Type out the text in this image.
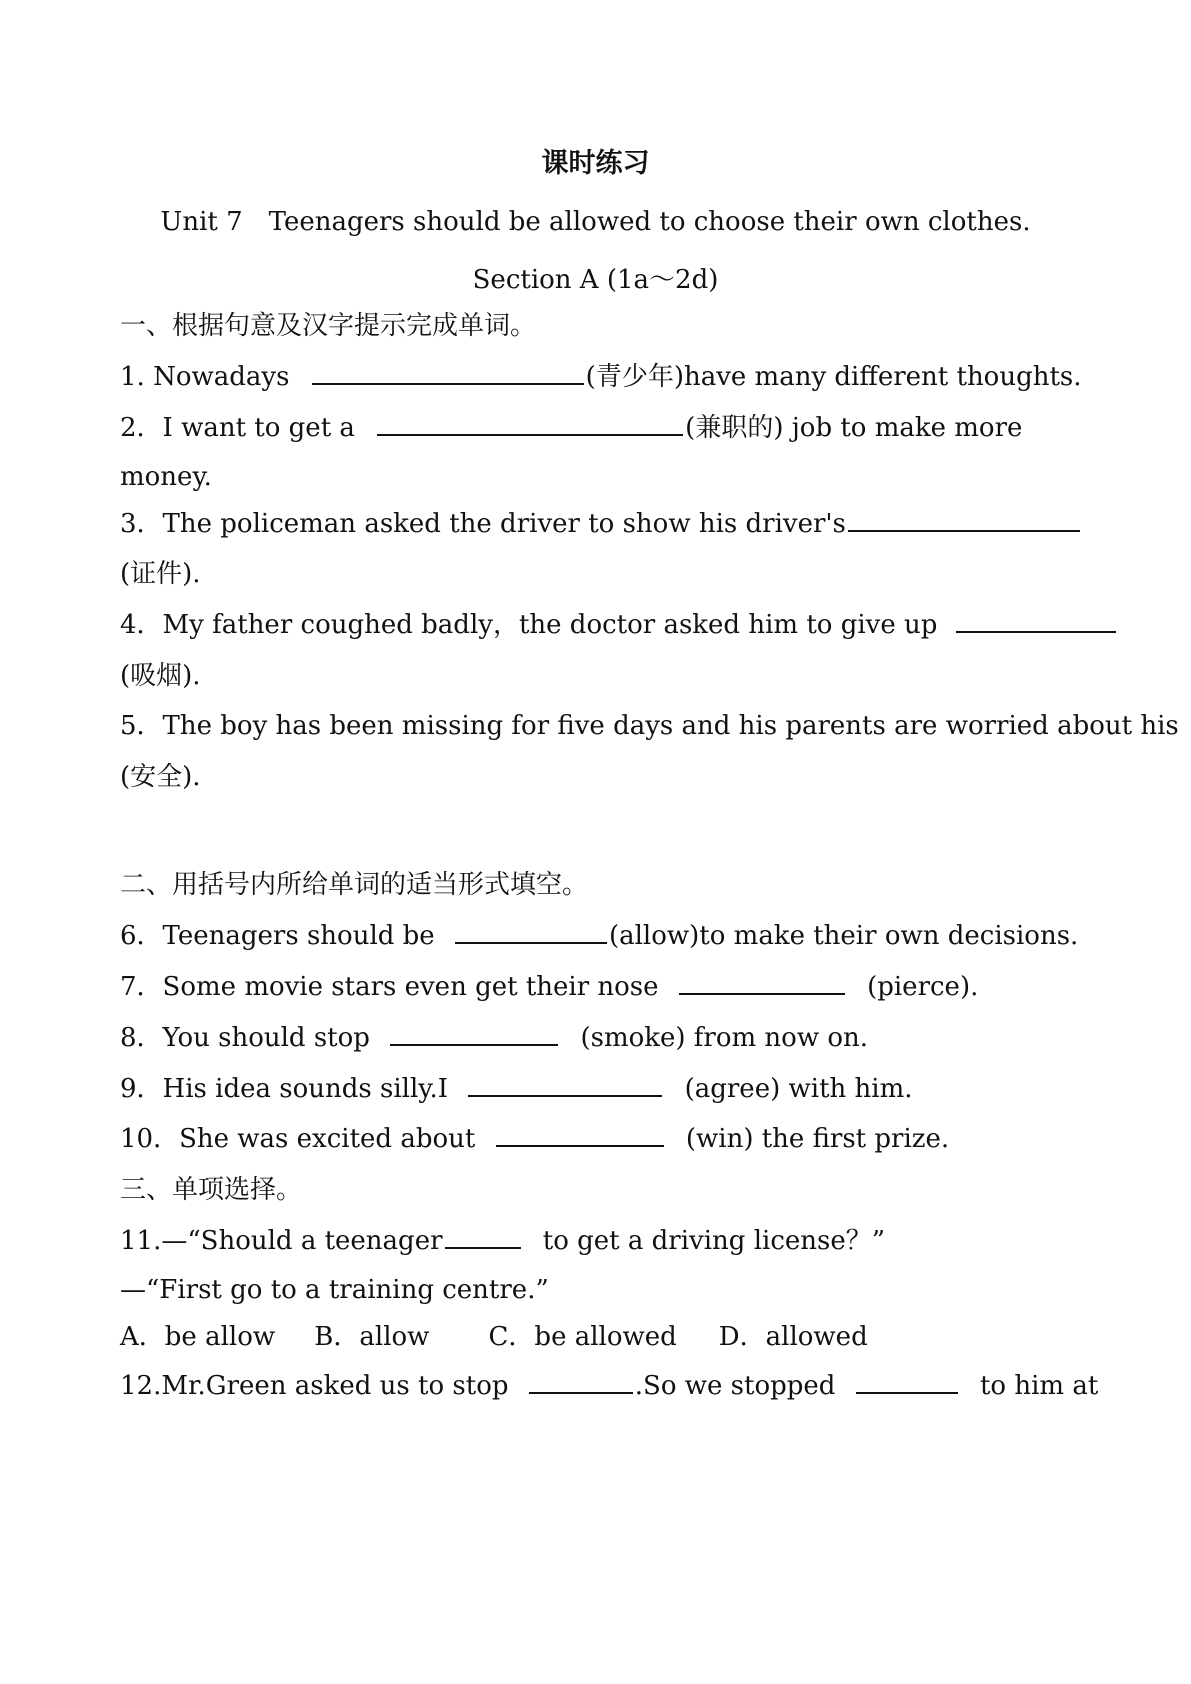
课时练习
Unit 7　Teenagers should be allowed to choose their own clothes.
Section A (1a～2d)
一、根据句意及汉字提示完成单词。
1. Nowadays	(青少年)have many different thoughts.
2．I want to get a	(兼职的) job to make more
money.
3．The policeman asked the driver to show his driver's
(证件).
4．My father coughed badly，the doctor asked him to give up
(吸烟).
5．The boy has been missing for five days and his parents are worried about his
(安全).
二、用括号内所给单词的适当形式填空。
6．Teenagers should be	(allow)to make their own decisions.
7．Some movie stars even get their nose	(pierce).
8．You should stop	(smoke) from now on.
9．His idea sounds silly.I	(agree) with him.
10．She was excited about	(win) the first prize.
三、单项选择。
11.—“Should a teenager	to get a driving license？”
—“First go to a training centre.”
A．be allow B．allow C．be allowed D．allowed
12.Mr.Green asked us to stop	.So we stopped	to him at
